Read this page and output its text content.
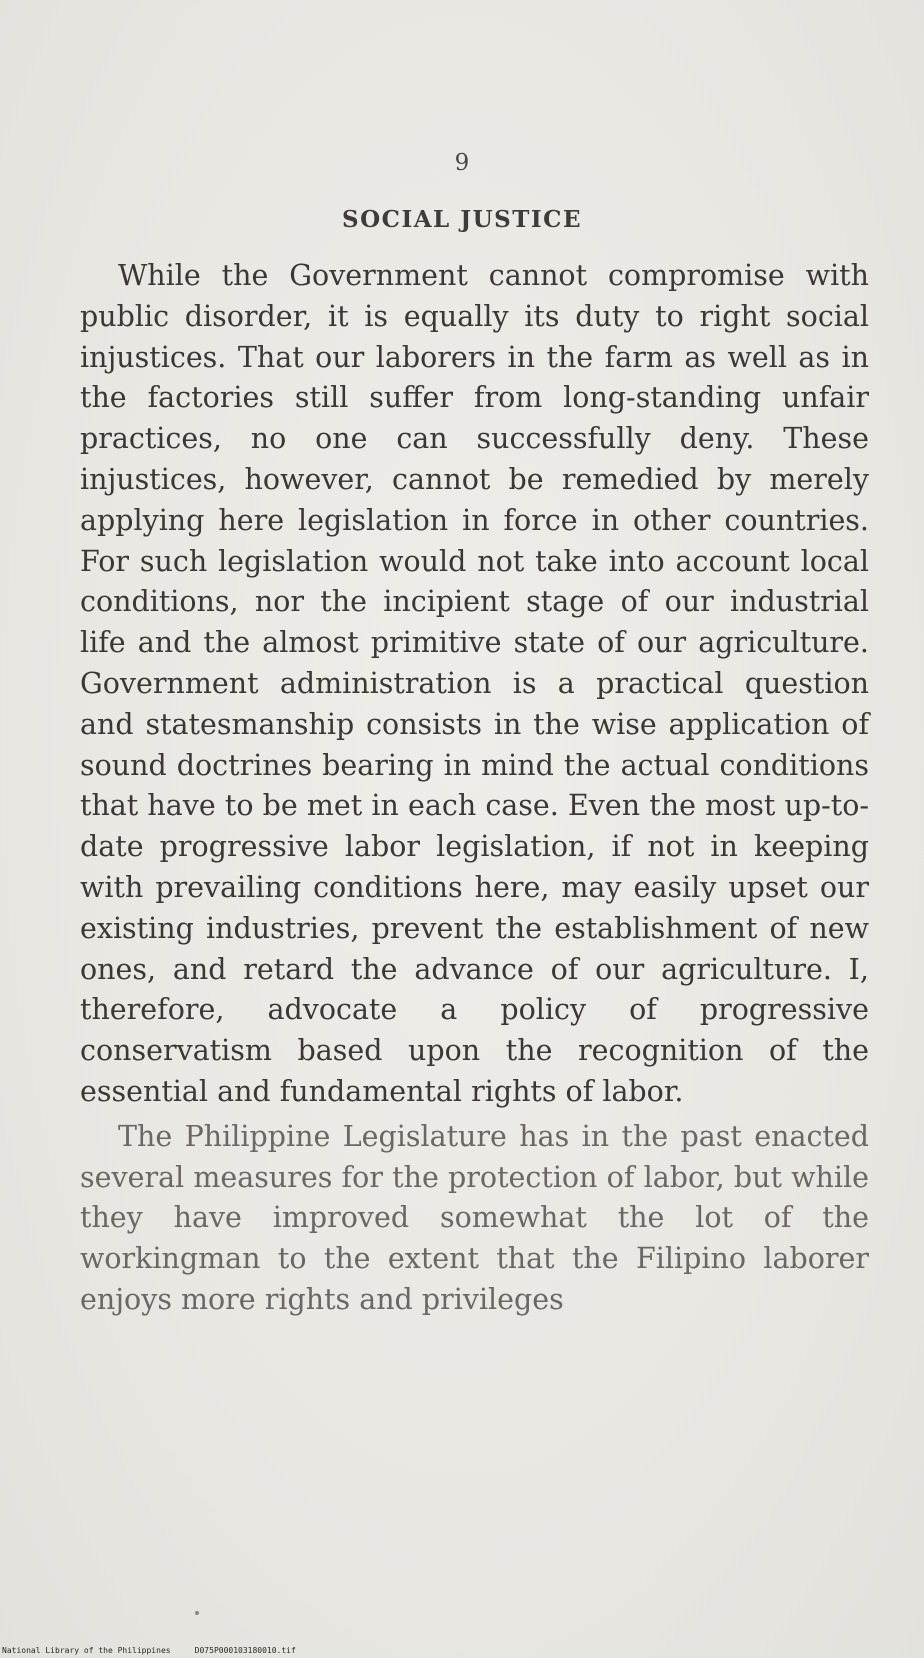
9
SOCIAL JUSTICE

While the Government cannot compromise with public disorder, it is equally its duty to right social injustices. That our laborers in the farm as well as in the factories still suffer from long-standing unfair practices, no one can successfully deny. These injustices, however, cannot be remedied by merely applying here legislation in force in other countries. For such legislation would not take into account local conditions, nor the incipient stage of our industrial life and the almost primitive state of our agriculture. Government administration is a practical question and statesmanship consists in the wise application of sound doctrines bearing in mind the actual conditions that have to be met in each case. Even the most up-to-date progressive labor legislation, if not in keeping with prevailing conditions here, may easily upset our existing industries, prevent the establishment of new ones, and retard the advance of our agriculture. I, therefore, advocate a policy of progressive conservatism based upon the recognition of the essential and fundamental rights of labor.

The Philippine Legislature has in the past enacted several measures for the protection of labor, but while they have improved somewhat the lot of the workingman to the extent that the Filipino laborer enjoys more rights and privileges

National Library of the Philippines	D075P000103180010.tif
